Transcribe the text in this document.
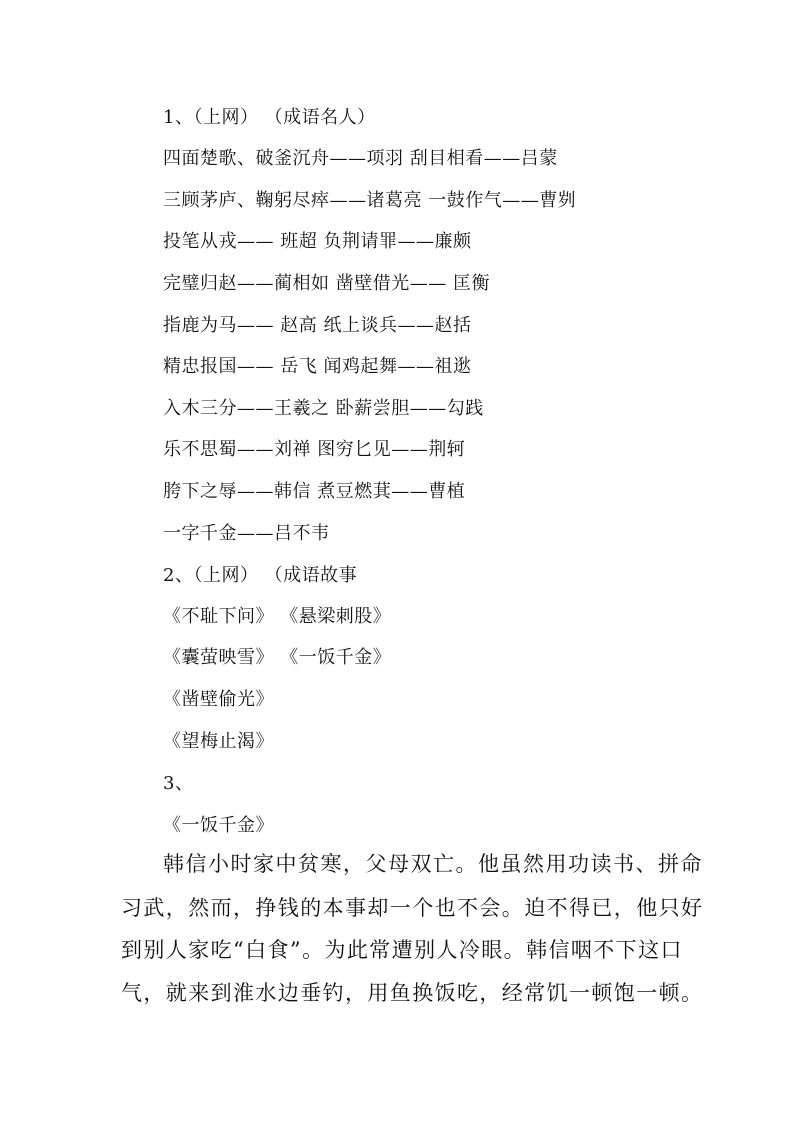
1、（上网） （成语名人）
四面楚歌、破釜沉舟——项羽 刮目相看——吕蒙
三顾茅庐、鞠躬尽瘁——诸葛亮 一鼓作气——曹刿
投笔从戎—— 班超 负荆请罪——廉颇
完璧归赵——蔺相如 凿壁借光—— 匡衡
指鹿为马—— 赵高 纸上谈兵——赵括
精忠报国—— 岳飞 闻鸡起舞——祖逖
入木三分——王羲之 卧薪尝胆——勾践
乐不思蜀——刘禅 图穷匕见——荆轲
胯下之辱——韩信 煮豆燃萁——曹植
一字千金——吕不韦
2、（上网） （成语故事
《不耻下问》 《悬梁刺股》
《囊萤映雪》 《一饭千金》
《凿壁偷光》
《望梅止渴》
3、
《一饭千金》
韩信小时家中贫寒，父母双亡。他虽然用功读书、拼命
习武，然而，挣钱的本事却一个也不会。迫不得已，他只好
到别人家吃“白食”。为此常遭别人冷眼。韩信咽不下这口
气，就来到淮水边垂钓，用鱼换饭吃，经常饥一顿饱一顿。
